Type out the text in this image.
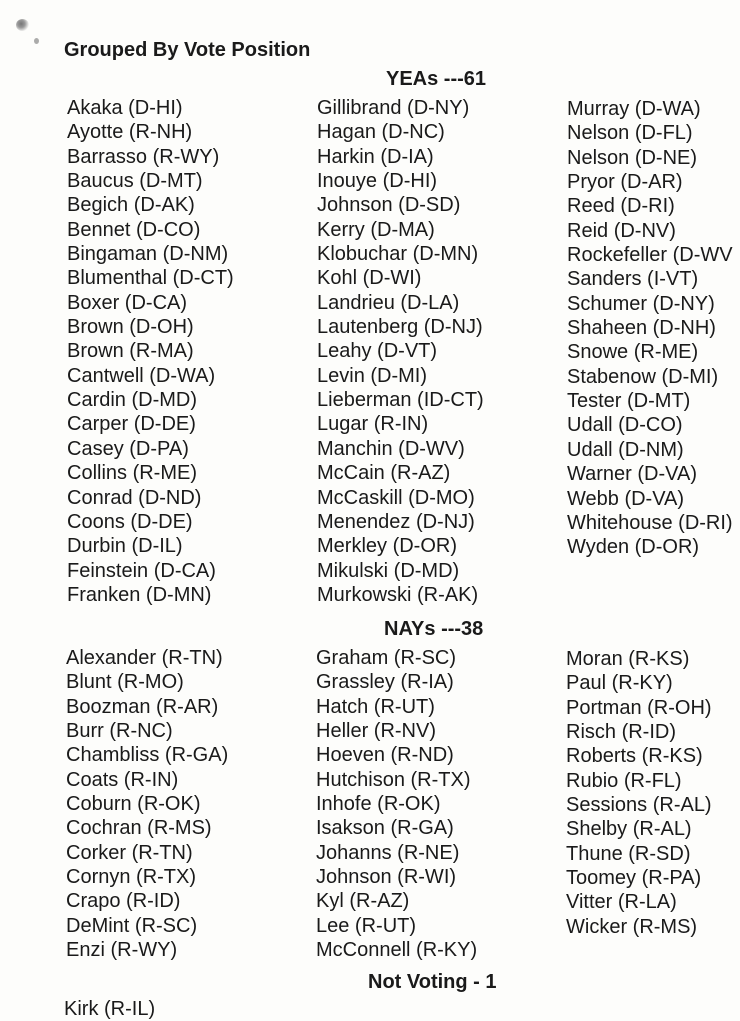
Grouped By Vote Position
YEAs ---61
Akaka (D-HI)
Ayotte (R-NH)
Barrasso (R-WY)
Baucus (D-MT)
Begich (D-AK)
Bennet (D-CO)
Bingaman (D-NM)
Blumenthal (D-CT)
Boxer (D-CA)
Brown (D-OH)
Brown (R-MA)
Cantwell (D-WA)
Cardin (D-MD)
Carper (D-DE)
Casey (D-PA)
Collins (R-ME)
Conrad (D-ND)
Coons (D-DE)
Durbin (D-IL)
Feinstein (D-CA)
Franken (D-MN)
Gillibrand (D-NY)
Hagan (D-NC)
Harkin (D-IA)
Inouye (D-HI)
Johnson (D-SD)
Kerry (D-MA)
Klobuchar (D-MN)
Kohl (D-WI)
Landrieu (D-LA)
Lautenberg (D-NJ)
Leahy (D-VT)
Levin (D-MI)
Lieberman (ID-CT)
Lugar (R-IN)
Manchin (D-WV)
McCain (R-AZ)
McCaskill (D-MO)
Menendez (D-NJ)
Merkley (D-OR)
Mikulski (D-MD)
Murkowski (R-AK)
Murray (D-WA)
Nelson (D-FL)
Nelson (D-NE)
Pryor (D-AR)
Reed (D-RI)
Reid (D-NV)
Rockefeller (D-WV
Sanders (I-VT)
Schumer (D-NY)
Shaheen (D-NH)
Snowe (R-ME)
Stabenow (D-MI)
Tester (D-MT)
Udall (D-CO)
Udall (D-NM)
Warner (D-VA)
Webb (D-VA)
Whitehouse (D-RI)
Wyden (D-OR)
NAYs ---38
Alexander (R-TN)
Blunt (R-MO)
Boozman (R-AR)
Burr (R-NC)
Chambliss (R-GA)
Coats (R-IN)
Coburn (R-OK)
Cochran (R-MS)
Corker (R-TN)
Cornyn (R-TX)
Crapo (R-ID)
DeMint (R-SC)
Enzi (R-WY)
Graham (R-SC)
Grassley (R-IA)
Hatch (R-UT)
Heller (R-NV)
Hoeven (R-ND)
Hutchison (R-TX)
Inhofe (R-OK)
Isakson (R-GA)
Johanns (R-NE)
Johnson (R-WI)
Kyl (R-AZ)
Lee (R-UT)
McConnell (R-KY)
Moran (R-KS)
Paul (R-KY)
Portman (R-OH)
Risch (R-ID)
Roberts (R-KS)
Rubio (R-FL)
Sessions (R-AL)
Shelby (R-AL)
Thune (R-SD)
Toomey (R-PA)
Vitter (R-LA)
Wicker (R-MS)
Not Voting - 1
Kirk (R-IL)
